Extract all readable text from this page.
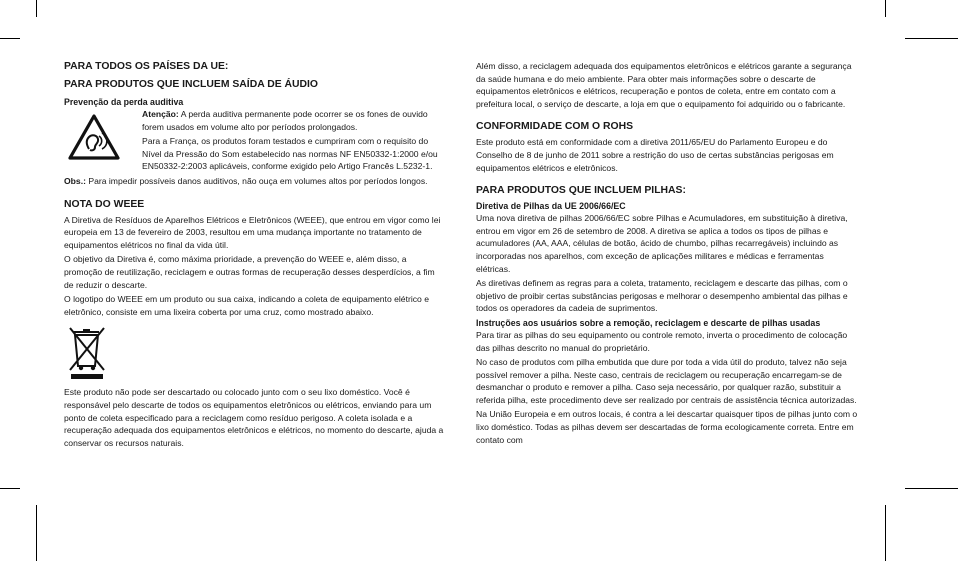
PARA TODOS OS PAÍSES DA UE:
PARA PRODUTOS QUE INCLUEM SAÍDA DE ÁUDIO
Prevenção da perda auditiva

Atenção: A perda auditiva permanente pode ocorrer se os fones de ouvido forem usados em volume alto por períodos prolongados.

Para a França, os produtos foram testados e cumpriram com o requisito do Nível da Pressão do Som estabelecido nas normas NF EN50332-1:2000 e/ou EN50332-2:2003 aplicáveis, conforme exigido pelo Artigo Francês L.5232-1.

Obs.: Para impedir possíveis danos auditivos, não ouça em volumes altos por períodos longos.

NOTA DO WEEE

A Diretiva de Resíduos de Aparelhos Elétricos e Eletrônicos (WEEE), que entrou em vigor como lei europeia em 13 de fevereiro de 2003, resultou em uma mudança importante no tratamento de equipamentos elétricos no final da vida útil.

O objetivo da Diretiva é, como máxima prioridade, a prevenção do WEEE e, além disso, a promoção de reutilização, reciclagem e outras formas de recuperação desses desperdícios, a fim de reduzir o descarte.

O logotipo do WEEE em um produto ou sua caixa, indicando a coleta de equipamento elétrico e eletrônico, consiste em uma lixeira coberta por uma cruz, como mostrado abaixo.

Este produto não pode ser descartado ou colocado junto com o seu lixo doméstico. Você é responsável pelo descarte de todos os equipamentos eletrônicos ou elétricos, enviando para um ponto de coleta especificado para a reciclagem como resíduo perigoso. A coleta isolada e a recuperação adequada dos equipamentos eletrônicos e elétricos, no momento do descarte, ajuda a conservar os recursos naturais.

Além disso, a reciclagem adequada dos equipamentos eletrônicos e elétricos garante a segurança da saúde humana e do meio ambiente. Para obter mais informações sobre o descarte de equipamentos eletrônicos e elétricos, recuperação e pontos de coleta, entre em contato com a prefeitura local, o serviço de descarte, a loja em que o equipamento foi adquirido ou o fabricante.

CONFORMIDADE COM O ROHS

Este produto está em conformidade com a diretiva 2011/65/EU do Parlamento Europeu e do Conselho de 8 de junho de 2011 sobre a restrição do uso de certas substâncias perigosas em equipamentos elétricos e eletrônicos.

PARA PRODUTOS QUE INCLUEM PILHAS:
Diretiva de Pilhas da UE 2006/66/EC

Uma nova diretiva de pilhas 2006/66/EC sobre Pilhas e Acumuladores, em substituição à diretiva, entrou em vigor em 26 de setembro de 2008. A diretiva se aplica a todos os tipos de pilhas e acumuladores (AA, AAA, células de botão, ácido de chumbo, pilhas recarregáveis) incluindo as incorporadas nos aparelhos, com exceção de aplicações militares e médicas e ferramentas elétricas.

As diretivas definem as regras para a coleta, tratamento, reciclagem e descarte das pilhas, com o objetivo de proibir certas substâncias perigosas e melhorar o desempenho ambiental das pilhas e todos os operadores da cadeia de suprimentos.

Instruções aos usuários sobre a remoção, reciclagem e descarte de pilhas usadas

Para tirar as pilhas do seu equipamento ou controle remoto, inverta o procedimento de colocação das pilhas descrito no manual do proprietário.

No caso de produtos com pilha embutida que dure por toda a vida útil do produto, talvez não seja possível remover a pilha. Neste caso, centrais de reciclagem ou recuperação encarregam-se de desmanchar o produto e remover a pilha. Caso seja necessário, por qualquer razão, substituir a referida pilha, este procedimento deve ser realizado por centrais de assistência técnica autorizadas.

Na União Europeia e em outros locais, é contra a lei descartar quaisquer tipos de pilhas junto com o lixo doméstico. Todas as pilhas devem ser descartadas de forma ecologicamente correta. Entre em contato com
